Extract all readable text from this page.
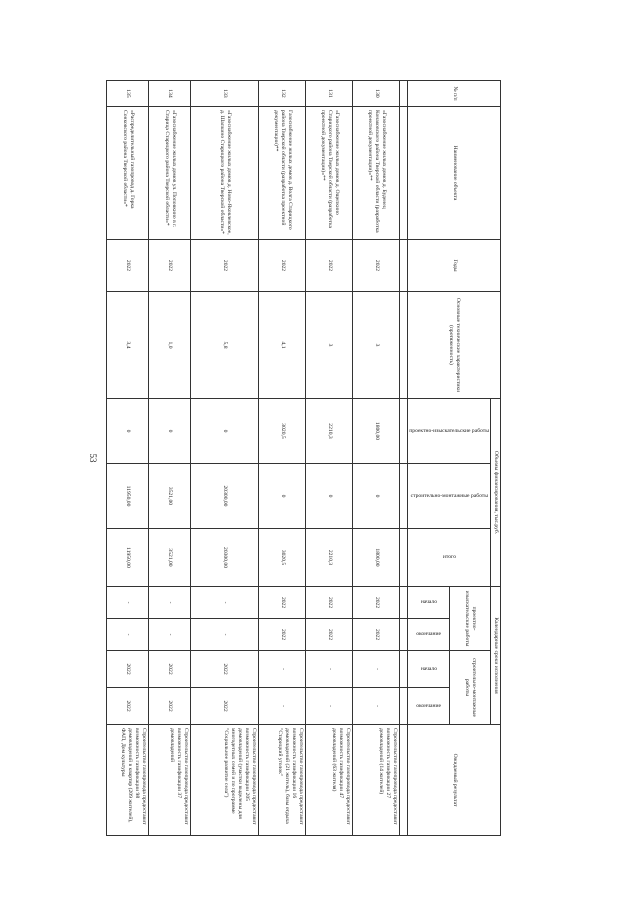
53
№ п/п	Наименование объекта	Годы	Основные технические характеристики (протяженность)	Объемы финансирования, тыс.руб.			Календарные сроки исполнения				Ожидаемый результат

				проектно-изыскательские работы	строительно-монтажные работы	итого	проектно-изыскательские работы		строительно-монтажные работы		

							начало	окончание	начало	окончание	

130	«Газоснабжение жилых домов д. Буденец Конаковского района Тверской области (разработка проектной документации)»**	2022	3	1800,00	0	1800,00	2022	2022	-	-	Строительство газопровода предоставит возможность газификации 27 домовладений (14 жителей)
131	«Газоснабжение жилых домов д. Ощепкино Старицкого района Тверской области (разработка проектной документации)»**	2022	3	2210,3	0	2210,3	2022	2022	-	-	Строительство газопровода предоставит возможность газификации 47 домовладений (63 жителя)
132	Газоснабжение жилых домов д. Волга Старицкого района Тверской области (разработка проектной документации)**	2022	4,1	3020,5	0	3020,5	2022	2022	-	-	Строительство газопровода предоставит возможность газификации 16 домовладений (21 житель), базы отдыха "Старицкий уголок"
133	«Газоснабжение жилых домов д. Ново-Яковлевское, д. Шапкино Старицкого района Тверской области»*	2022	5,8	0	20300,00	20300,00	-	-	2022	2022	Строительство газопровода предоставит возможность газификации 205 домовладений (участки выделены для многодетных семей и по программе "Социальное развитие села")
134	«Газоснабжение жилых домов ул. Поповкино в г. Старица Старицкого района Тверской области»*	2022	1,0	0	3521,00	3521,00	-	-	2022	2022	Строительство газопровода предоставит возможность газификации 37 домовладений
135	«Распределительный газопровод д. Горка Сонковского района Тверской области»*	2022	3,4	0	11950,00	11950,00	-	-	2022	2022	Строительство газопровода предоставит возможность газификации 98 домовладений в квартир (209 жителей), ФАП, Дом культуры
